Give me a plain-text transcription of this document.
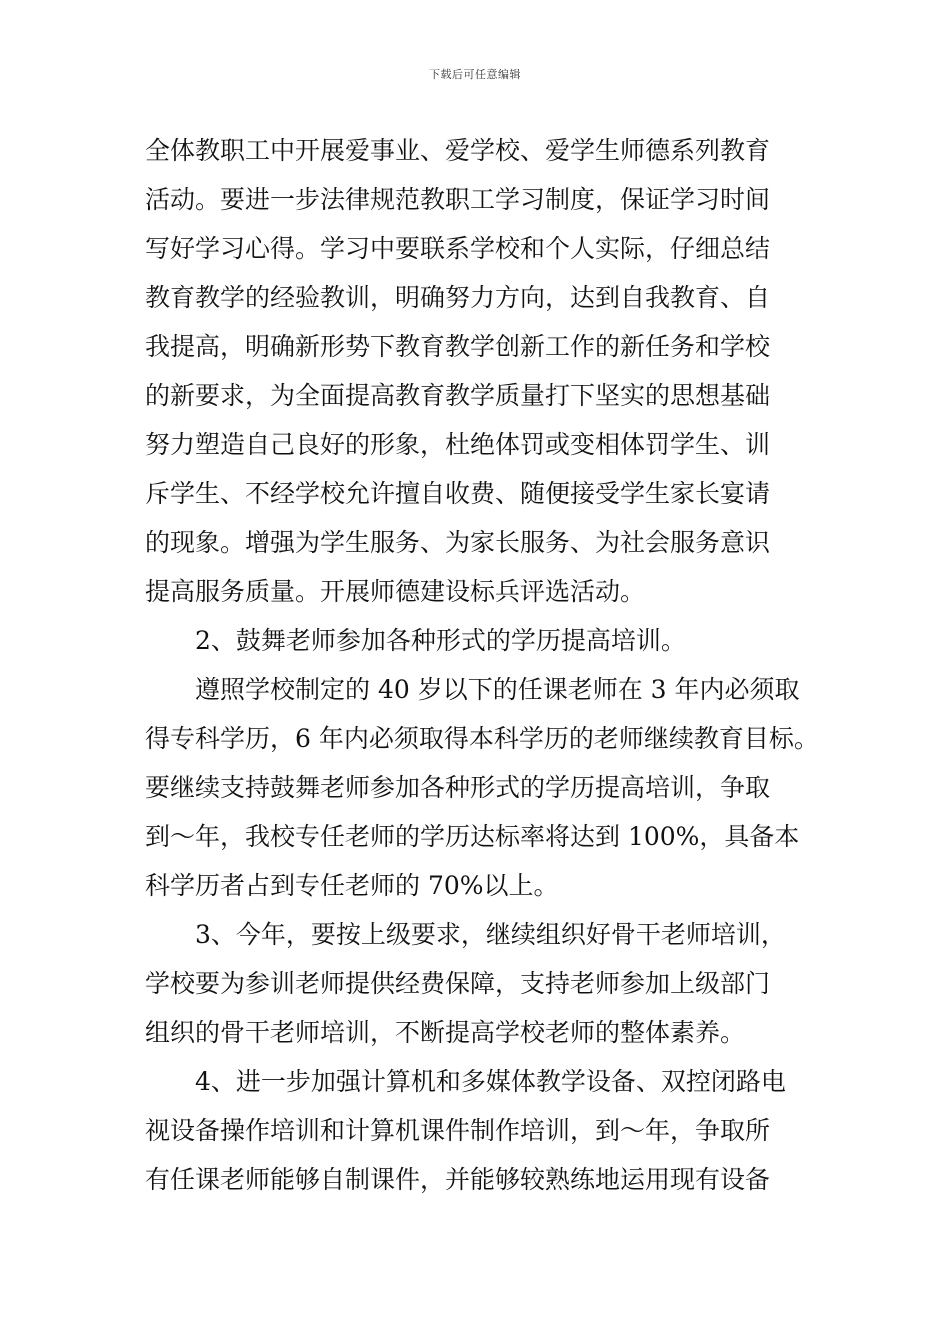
下载后可任意编辑
全体教职工中开展爱事业、爱学校、爱学生师德系列教育
活动。要进一步法律规范教职工学习制度，保证学习时间
写好学习心得。学习中要联系学校和个人实际，仔细总结
教育教学的经验教训，明确努力方向，达到自我教育、自
我提高，明确新形势下教育教学创新工作的新任务和学校
的新要求，为全面提高教育教学质量打下坚实的思想基础
努力塑造自己良好的形象，杜绝体罚或变相体罚学生、训
斥学生、不经学校允许擅自收费、随便接受学生家长宴请
的现象。增强为学生服务、为家长服务、为社会服务意识
提高服务质量。开展师德建设标兵评选活动。
2、鼓舞老师参加各种形式的学历提高培训。
遵照学校制定的 40 岁以下的任课老师在 3 年内必须取
得专科学历，6 年内必须取得本科学历的老师继续教育目标。
要继续支持鼓舞老师参加各种形式的学历提高培训，争取
到～年，我校专任老师的学历达标率将达到 100%，具备本
科学历者占到专任老师的 70%以上。
3、今年，要按上级要求，继续组织好骨干老师培训，
学校要为参训老师提供经费保障，支持老师参加上级部门
组织的骨干老师培训，不断提高学校老师的整体素养。
4、进一步加强计算机和多媒体教学设备、双控闭路电
视设备操作培训和计算机课件制作培训，到～年，争取所
有任课老师能够自制课件，并能够较熟练地运用现有设备
